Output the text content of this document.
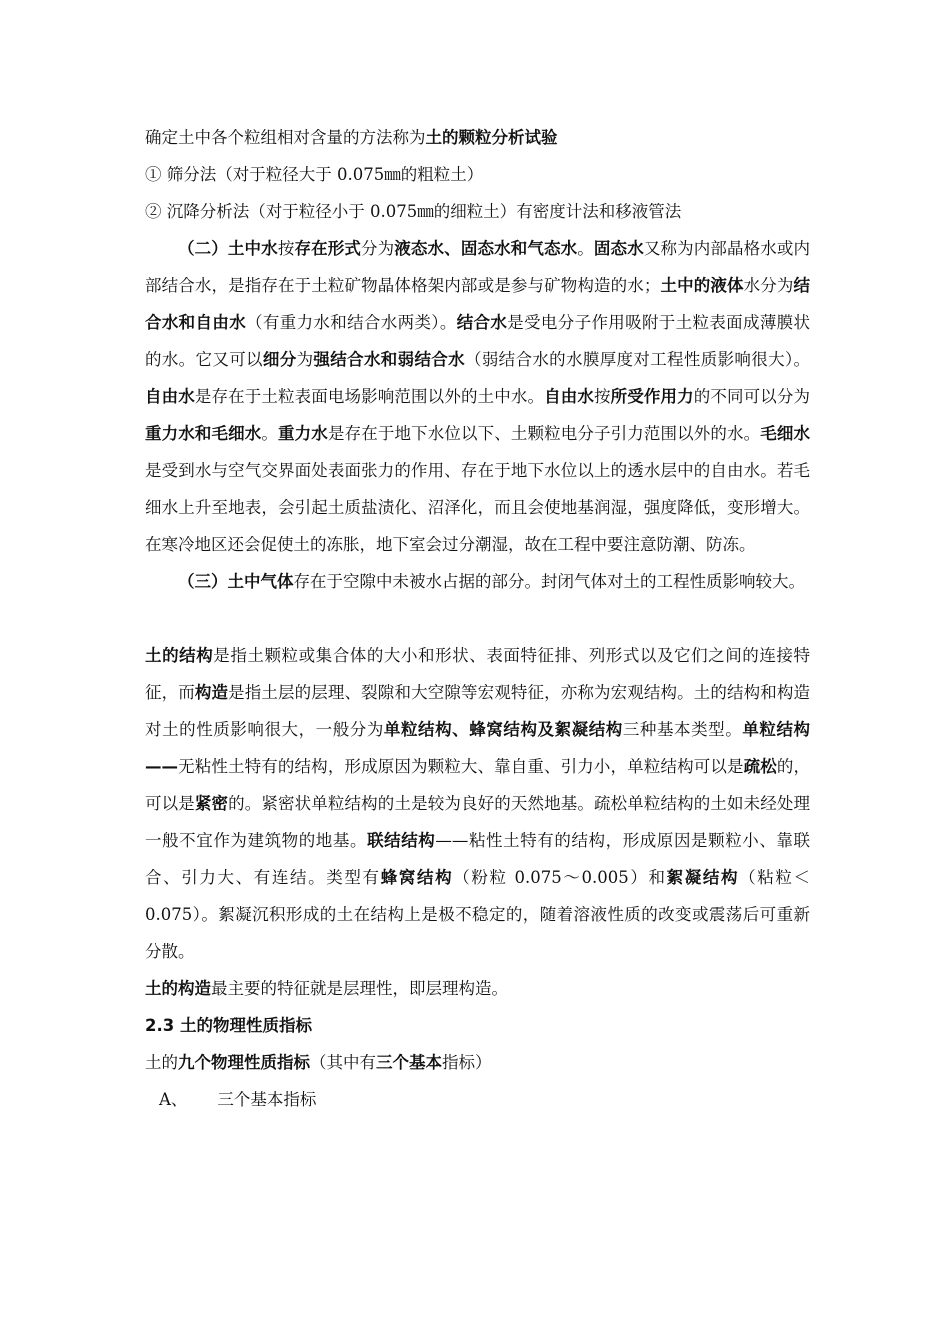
确定土中各个粒组相对含量的方法称为土的颗粒分析试验

① 筛分法（对于粒径大于 0.075㎜的粗粒土）

② 沉降分析法（对于粒径小于 0.075㎜的细粒土）有密度计法和移液管法

（二）土中水按存在形式分为液态水、固态水和气态水。固态水又称为内部晶格水或内部结合水，是指存在于土粒矿物晶体格架内部或是参与矿物构造的水；土中的液体水分为结合水和自由水（有重力水和结合水两类）。结合水是受电分子作用吸附于土粒表面成薄膜状的水。它又可以细分为强结合水和弱结合水（弱结合水的水膜厚度对工程性质影响很大）。自由水是存在于土粒表面电场影响范围以外的土中水。自由水按所受作用力的不同可以分为重力水和毛细水。重力水是存在于地下水位以下、土颗粒电分子引力范围以外的水。毛细水是受到水与空气交界面处表面张力的作用、存在于地下水位以上的透水层中的自由水。若毛细水上升至地表，会引起土质盐渍化、沼泽化，而且会使地基润湿，强度降低，变形增大。在寒冷地区还会促使土的冻胀，地下室会过分潮湿，故在工程中要注意防潮、防冻。

（三）土中气体存在于空隙中未被水占据的部分。封闭气体对土的工程性质影响较大。

土的结构是指土颗粒或集合体的大小和形状、表面特征排、列形式以及它们之间的连接特征，而构造是指土层的层理、裂隙和大空隙等宏观特征，亦称为宏观结构。土的结构和构造对土的性质影响很大，一般分为单粒结构、蜂窝结构及絮凝结构三种基本类型。单粒结构——无粘性土特有的结构，形成原因为颗粒大、靠自重、引力小，单粒结构可以是疏松的，可以是紧密的。紧密状单粒结构的土是较为良好的天然地基。疏松单粒结构的土如未经处理一般不宜作为建筑物的地基。联结结构——粘性土特有的结构，形成原因是颗粒小、靠联合、引力大、有连结。类型有蜂窝结构（粉粒 0.075～0.005）和絮凝结构（粘粒＜0.075）。絮凝沉积形成的土在结构上是极不稳定的，随着溶液性质的改变或震荡后可重新分散。

土的构造最主要的特征就是层理性，即层理构造。

2.3 土的物理性质指标

土的九个物理性质指标（其中有三个基本指标）

A、 三个基本指标
